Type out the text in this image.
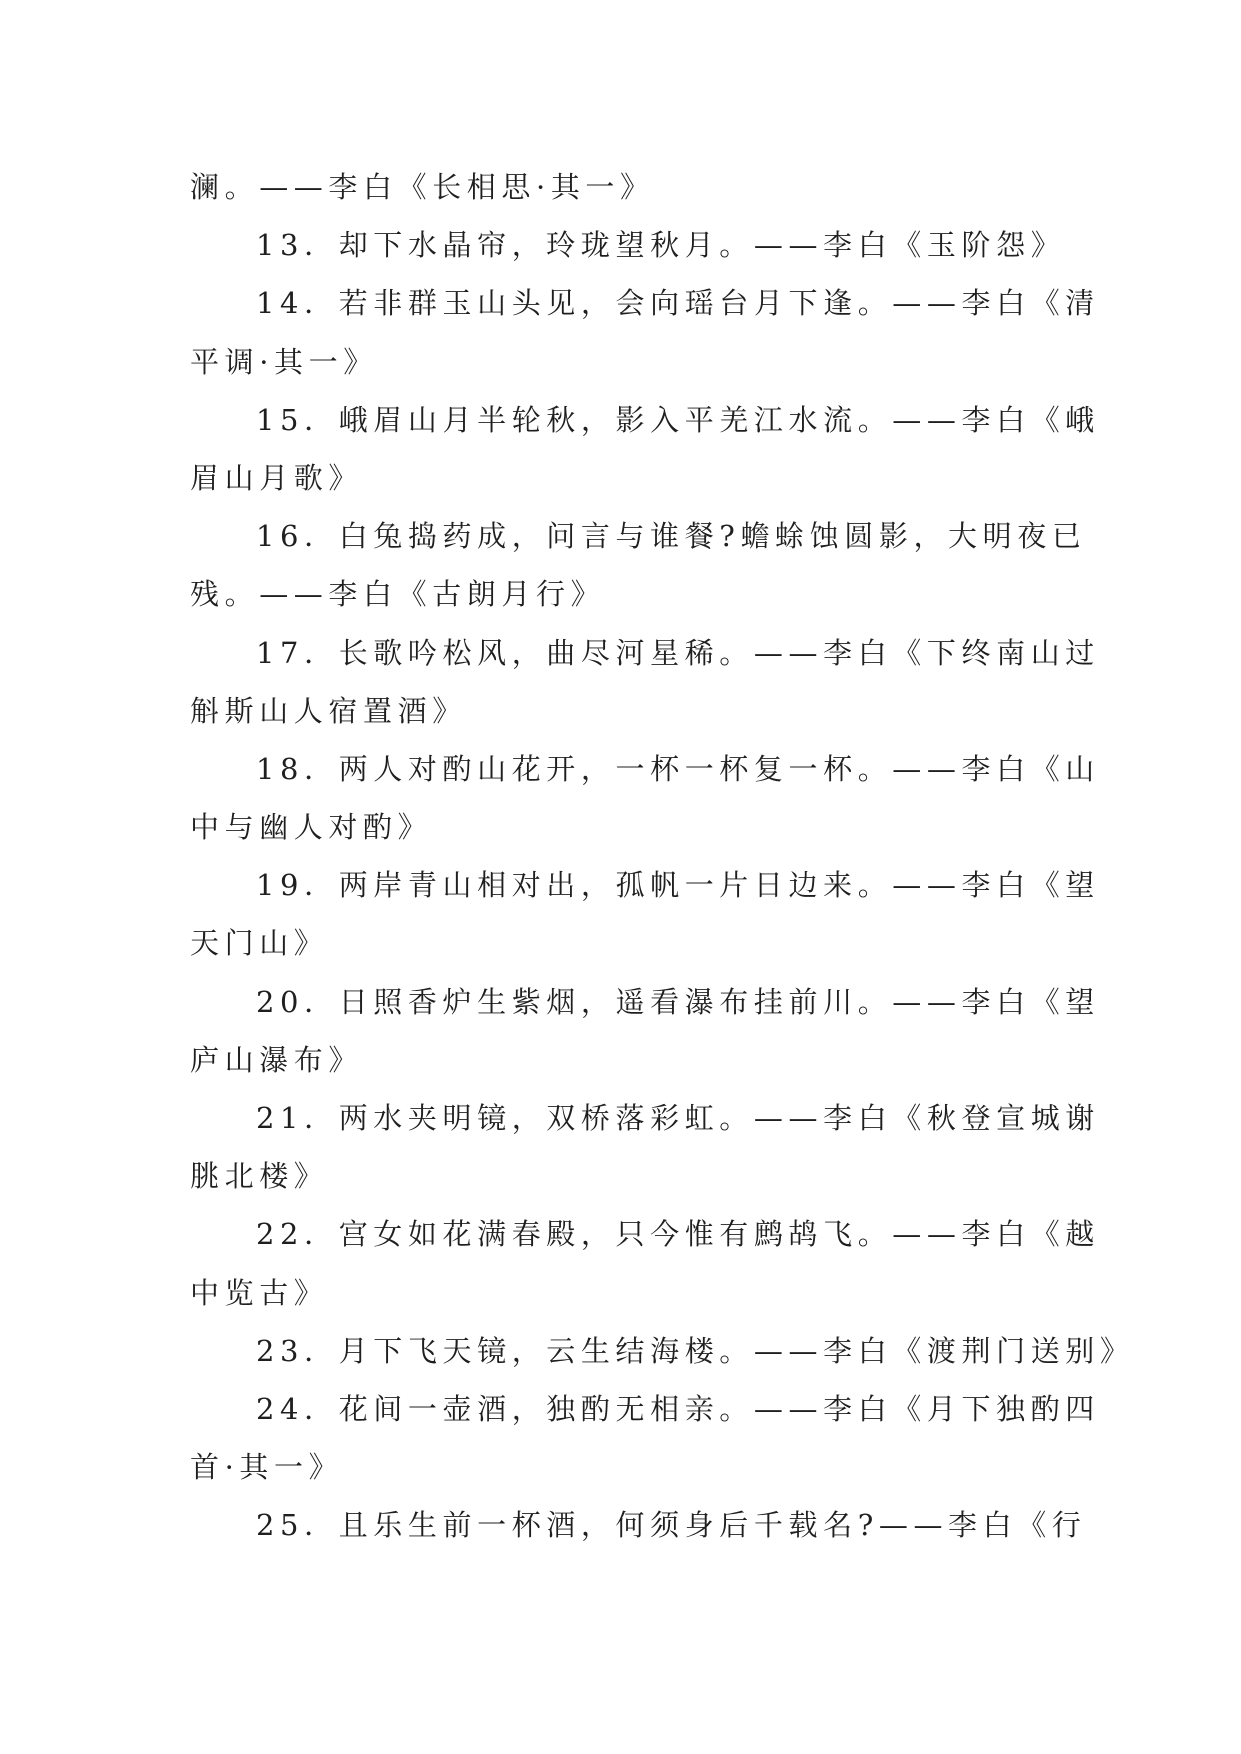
澜。——李白《长相思·其一》
13．却下水晶帘，玲珑望秋月。——李白《玉阶怨》
14．若非群玉山头见，会向瑶台月下逢。——李白《清
平调·其一》
15．峨眉山月半轮秋，影入平羌江水流。——李白《峨
眉山月歌》
16．白兔捣药成，问言与谁餐?蟾蜍蚀圆影，大明夜已
残。——李白《古朗月行》
17．长歌吟松风，曲尽河星稀。——李白《下终南山过
斛斯山人宿置酒》
18．两人对酌山花开，一杯一杯复一杯。——李白《山
中与幽人对酌》
19．两岸青山相对出，孤帆一片日边来。——李白《望
天门山》
20．日照香炉生紫烟，遥看瀑布挂前川。——李白《望
庐山瀑布》
21．两水夹明镜，双桥落彩虹。——李白《秋登宣城谢
朓北楼》
22．宫女如花满春殿，只今惟有鹧鸪飞。——李白《越
中览古》
23．月下飞天镜，云生结海楼。——李白《渡荆门送别》
24．花间一壶酒，独酌无相亲。——李白《月下独酌四
首·其一》
25．且乐生前一杯酒，何须身后千载名?——李白《行
